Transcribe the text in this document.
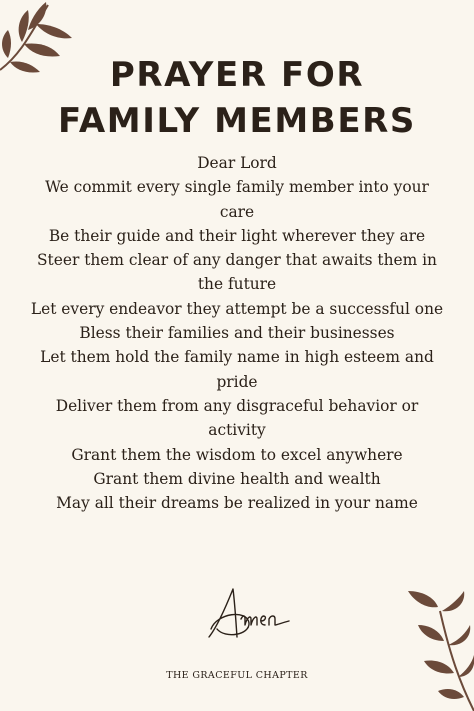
PRAYER FOR
FAMILY MEMBERS
Dear Lord
We commit every single family member into your care
Be their guide and their light wherever they are
Steer them clear of any danger that awaits them in the future
Let every endeavor they attempt be a successful one
Bless their families and their businesses
Let them hold the family name in high esteem and pride
Deliver them from any disgraceful behavior or activity
Grant them the wisdom to excel anywhere
Grant them divine health and wealth
May all their dreams be realized in your name
THE GRACEFUL CHAPTER
